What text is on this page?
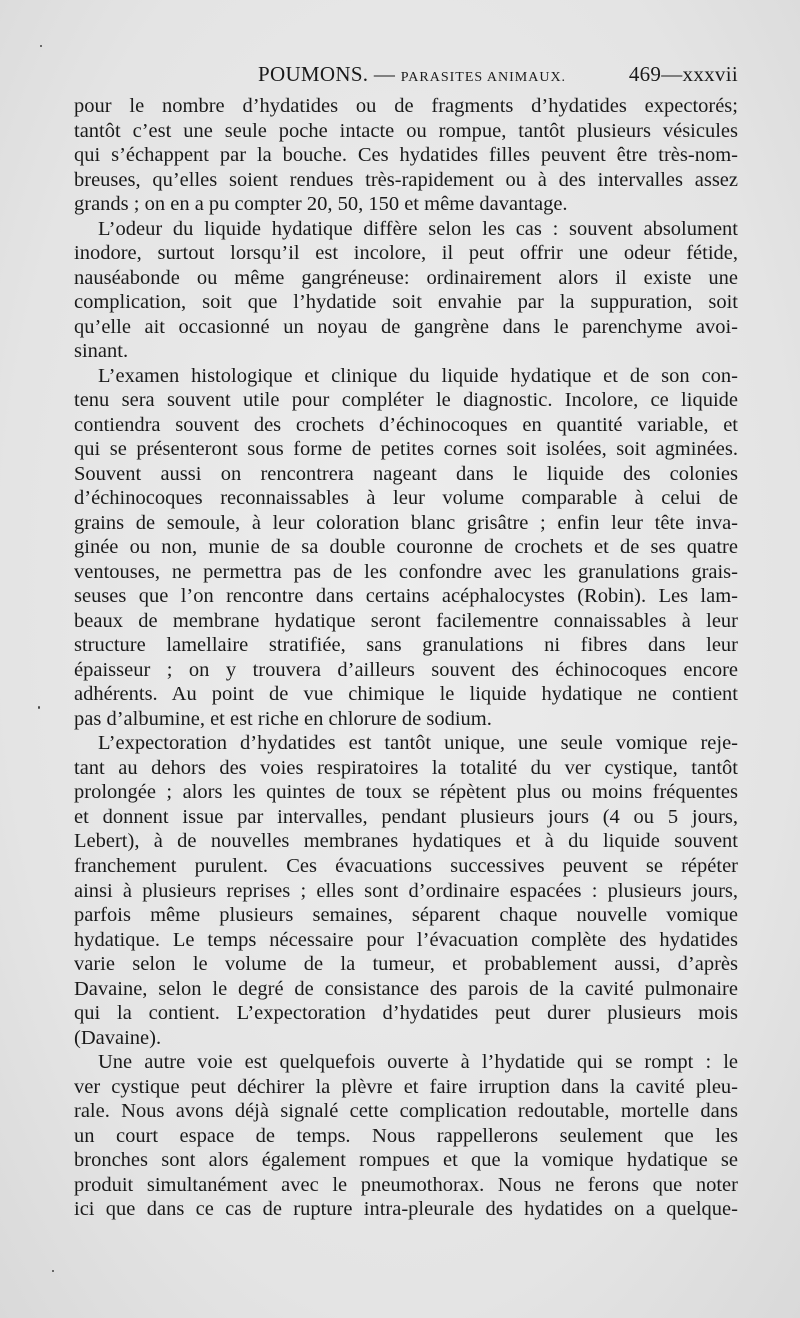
POUMONS. — PARASITES ANIMAUX.	469—xxxvii
pour le nombre d’hydatides ou de fragments d’hydatides expectorés;
tantôt c’est une seule poche intacte ou rompue, tantôt plusieurs vésicules
qui s’échappent par la bouche. Ces hydatides filles peuvent être très-nom-
breuses, qu’elles soient rendues très-rapidement ou à des intervalles assez
grands ; on en a pu compter 20, 50, 150 et même davantage.
L’odeur du liquide hydatique diffère selon les cas : souvent absolument
inodore, surtout lorsqu’il est incolore, il peut offrir une odeur fétide,
nauséabonde ou même gangréneuse: ordinairement alors il existe une
complication, soit que l’hydatide soit envahie par la suppuration, soit
qu’elle ait occasionné un noyau de gangrène dans le parenchyme avoi-
sinant.
L’examen histologique et clinique du liquide hydatique et de son con-
tenu sera souvent utile pour compléter le diagnostic. Incolore, ce liquide
contiendra souvent des crochets d’échinocoques en quantité variable, et
qui se présenteront sous forme de petites cornes soit isolées, soit agminées.
Souvent aussi on rencontrera nageant dans le liquide des colonies
d’échinocoques reconnaissables à leur volume comparable à celui de
grains de semoule, à leur coloration blanc grisâtre ; enfin leur tête inva-
ginée ou non, munie de sa double couronne de crochets et de ses quatre
ventouses, ne permettra pas de les confondre avec les granulations grais-
seuses que l’on rencontre dans certains acéphalocystes (Robin). Les lam-
beaux de membrane hydatique seront facilementre connaissables à leur
structure lamellaire stratifiée, sans granulations ni fibres dans leur
épaisseur ; on y trouvera d’ailleurs souvent des échinocoques encore
adhérents. Au point de vue chimique le liquide hydatique ne contient
pas d’albumine, et est riche en chlorure de sodium.
L’expectoration d’hydatides est tantôt unique, une seule vomique reje-
tant au dehors des voies respiratoires la totalité du ver cystique, tantôt
prolongée ; alors les quintes de toux se répètent plus ou moins fréquentes
et donnent issue par intervalles, pendant plusieurs jours (4 ou 5 jours,
Lebert), à de nouvelles membranes hydatiques et à du liquide souvent
franchement purulent. Ces évacuations successives peuvent se répéter
ainsi à plusieurs reprises ; elles sont d’ordinaire espacées : plusieurs jours,
parfois même plusieurs semaines, séparent chaque nouvelle vomique
hydatique. Le temps nécessaire pour l’évacuation complète des hydatides
varie selon le volume de la tumeur, et probablement aussi, d’après
Davaine, selon le degré de consistance des parois de la cavité pulmonaire
qui la contient. L’expectoration d’hydatides peut durer plusieurs mois
(Davaine).
Une autre voie est quelquefois ouverte à l’hydatide qui se rompt : le
ver cystique peut déchirer la plèvre et faire irruption dans la cavité pleu-
rale. Nous avons déjà signalé cette complication redoutable, mortelle dans
un court espace de temps. Nous rappellerons seulement que les
bronches sont alors également rompues et que la vomique hydatique se
produit simultanément avec le pneumothorax. Nous ne ferons que noter
ici que dans ce cas de rupture intra-pleurale des hydatides on a quelque-
